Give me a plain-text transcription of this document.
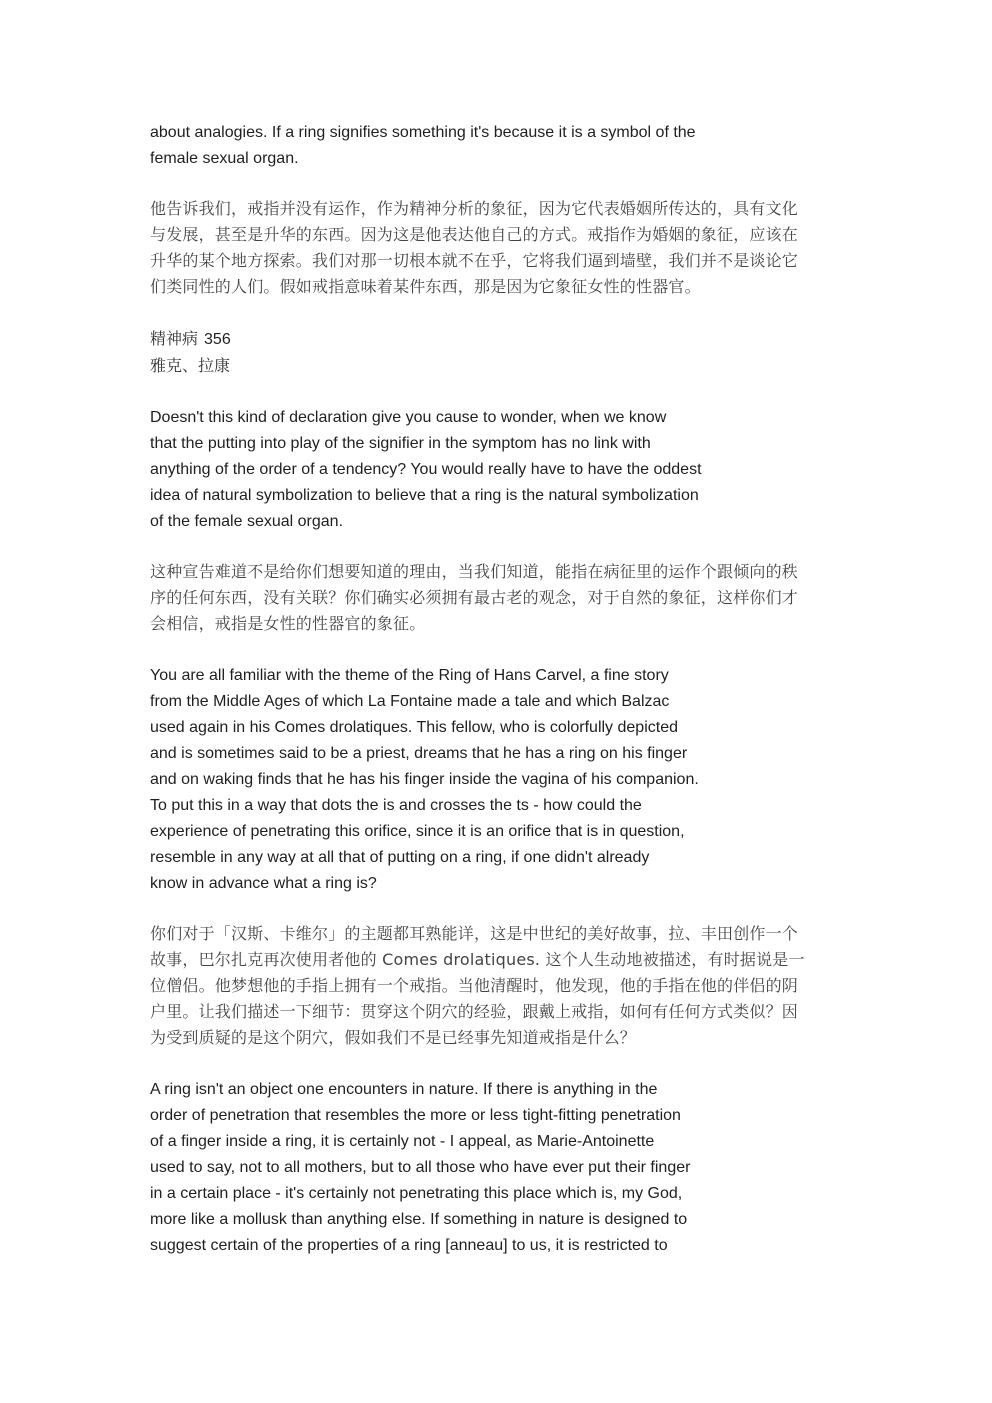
about analogies. If a ring signifies something it's because it is a symbol of the
female sexual organ.

他告诉我们，戒指并没有运作，作为精神分析的象征，因为它代表婚姻所传达的，具有文化
与发展，甚至是升华的东西。因为这是他表达他自己的方式。戒指作为婚姻的象征，应该在
升华的某个地方探索。我们对那一切根本就不在乎，它将我们逼到墙壁，我们并不是谈论它
们类同性的人们。假如戒指意味着某件东西，那是因为它象征女性的性器官。

精神病 356
雅克、拉康

Doesn't this kind of declaration give you cause to wonder, when we know
that the putting into play of the signifier in the symptom has no link with
anything of the order of a tendency? You would really have to have the oddest
idea of natural symbolization to believe that a ring is the natural symbolization
of the female sexual organ.

这种宣告难道不是给你们想要知道的理由，当我们知道，能指在病征里的运作个跟倾向的秩
序的任何东西，没有关联？你们确实必须拥有最古老的观念，对于自然的象征，这样你们才
会相信，戒指是女性的性器官的象征。

You are all familiar with the theme of the Ring of Hans Carvel, a fine story
from the Middle Ages of which La Fontaine made a tale and which Balzac
used again in his Comes drolatiques. This fellow, who is colorfully depicted
and is sometimes said to be a priest, dreams that he has a ring on his finger
and on waking finds that he has his finger inside the vagina of his companion.
To put this in a way that dots the is and crosses the ts - how could the
experience of penetrating this orifice, since it is an orifice that is in question,
resemble in any way at all that of putting on a ring, if one didn't already
know in advance what a ring is?

你们对于「汉斯、卡维尔」的主题都耳熟能详，这是中世纪的美好故事，拉、丰田创作一个
故事，巴尔扎克再次使用者他的 Comes drolatiques. 这个人生动地被描述，有时据说是一
位僧侣。他梦想他的手指上拥有一个戒指。当他清醒时，他发现，他的手指在他的伴侣的阴
户里。让我们描述一下细节：贯穿这个阴穴的经验，跟戴上戒指，如何有任何方式类似？因
为受到质疑的是这个阴穴，假如我们不是已经事先知道戒指是什么？

A ring isn't an object one encounters in nature. If there is anything in the
order of penetration that resembles the more or less tight-fitting penetration
of a finger inside a ring, it is certainly not - I appeal, as Marie-Antoinette
used to say, not to all mothers, but to all those who have ever put their finger
in a certain place - it's certainly not penetrating this place which is, my God,
more like a mollusk than anything else. If something in nature is designed to
suggest certain of the properties of a ring [anneau] to us, it is restricted to
